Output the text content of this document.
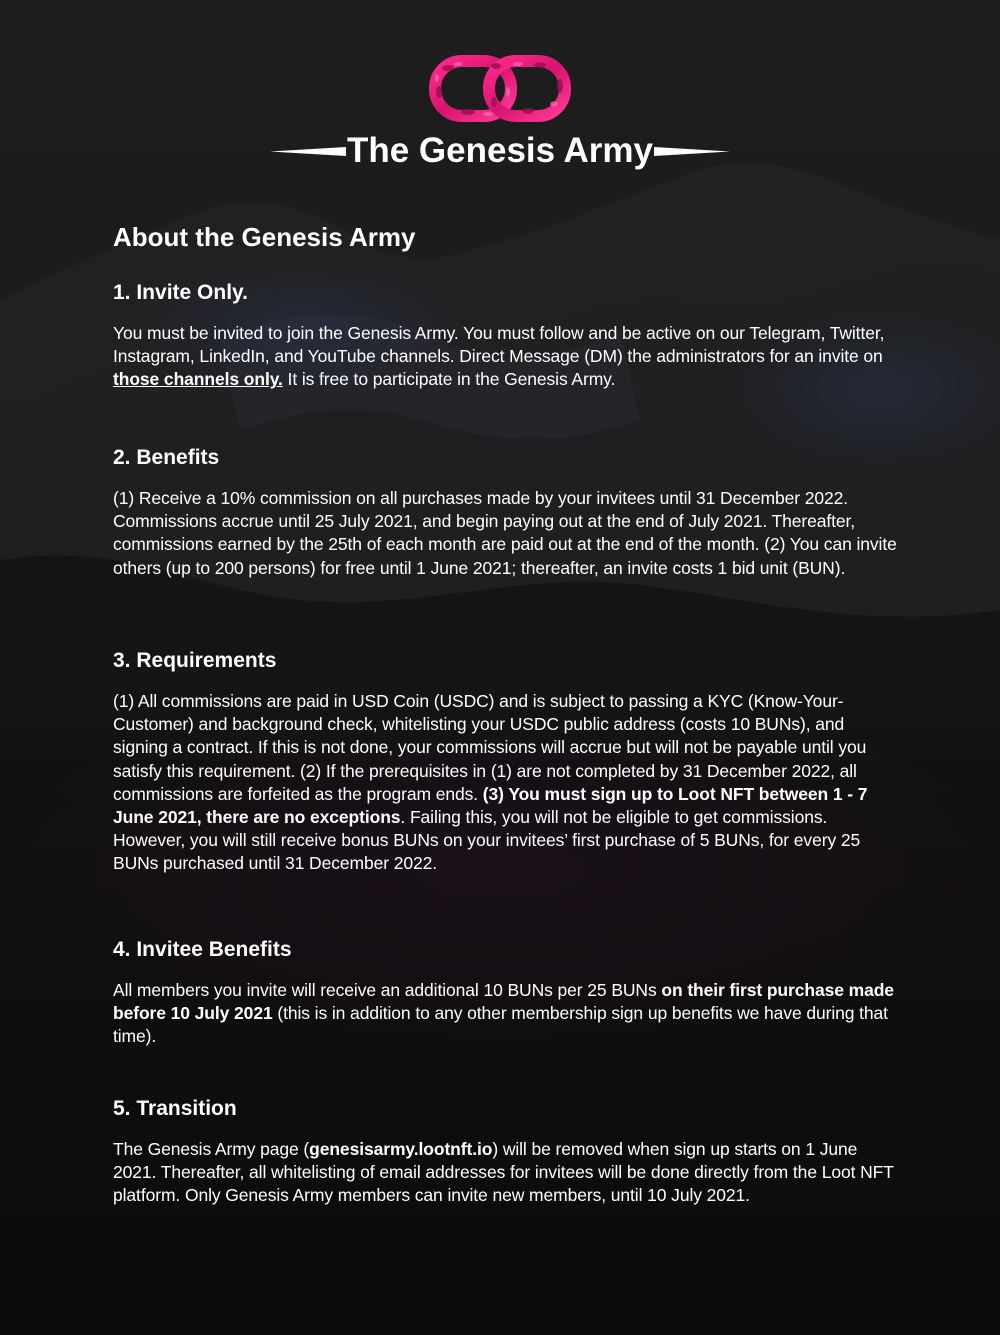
The Genesis Army
About the Genesis Army
1. Invite Only.

You must be invited to join the Genesis Army. You must follow and be active on our Telegram, Twitter, Instagram, LinkedIn, and YouTube channels. Direct Message (DM) the administrators for an invite on those channels only. It is free to participate in the Genesis Army.

2. Benefits

(1) Receive a 10% commission on all purchases made by your invitees until 31 December 2022. Commissions accrue until 25 July 2021, and begin paying out at the end of July 2021. Thereafter, commissions earned by the 25th of each month are paid out at the end of the month. (2) You can invite others (up to 200 persons) for free until 1 June 2021; thereafter, an invite costs 1 bid unit (BUN).

3. Requirements

(1) All commissions are paid in USD Coin (USDC) and is subject to passing a KYC (Know-Your-Customer) and background check, whitelisting your USDC public address (costs 10 BUNs), and signing a contract. If this is not done, your commissions will accrue but will not be payable until you satisfy this requirement. (2) If the prerequisites in (1) are not completed by 31 December 2022, all commissions are forfeited as the program ends. (3) You must sign up to Loot NFT between 1 - 7 June 2021, there are no exceptions. Failing this, you will not be eligible to get commissions. However, you will still receive bonus BUNs on your invitees’ first purchase of 5 BUNs, for every 25 BUNs purchased until 31 December 2022.

4. Invitee Benefits

All members you invite will receive an additional 10 BUNs per 25 BUNs on their first purchase made before 10 July 2021 (this is in addition to any other membership sign up benefits we have during that time).

5. Transition

The Genesis Army page (genesisarmy.lootnft.io) will be removed when sign up starts on 1 June 2021. Thereafter, all whitelisting of email addresses for invitees will be done directly from the Loot NFT platform. Only Genesis Army members can invite new members, until 10 July 2021.
